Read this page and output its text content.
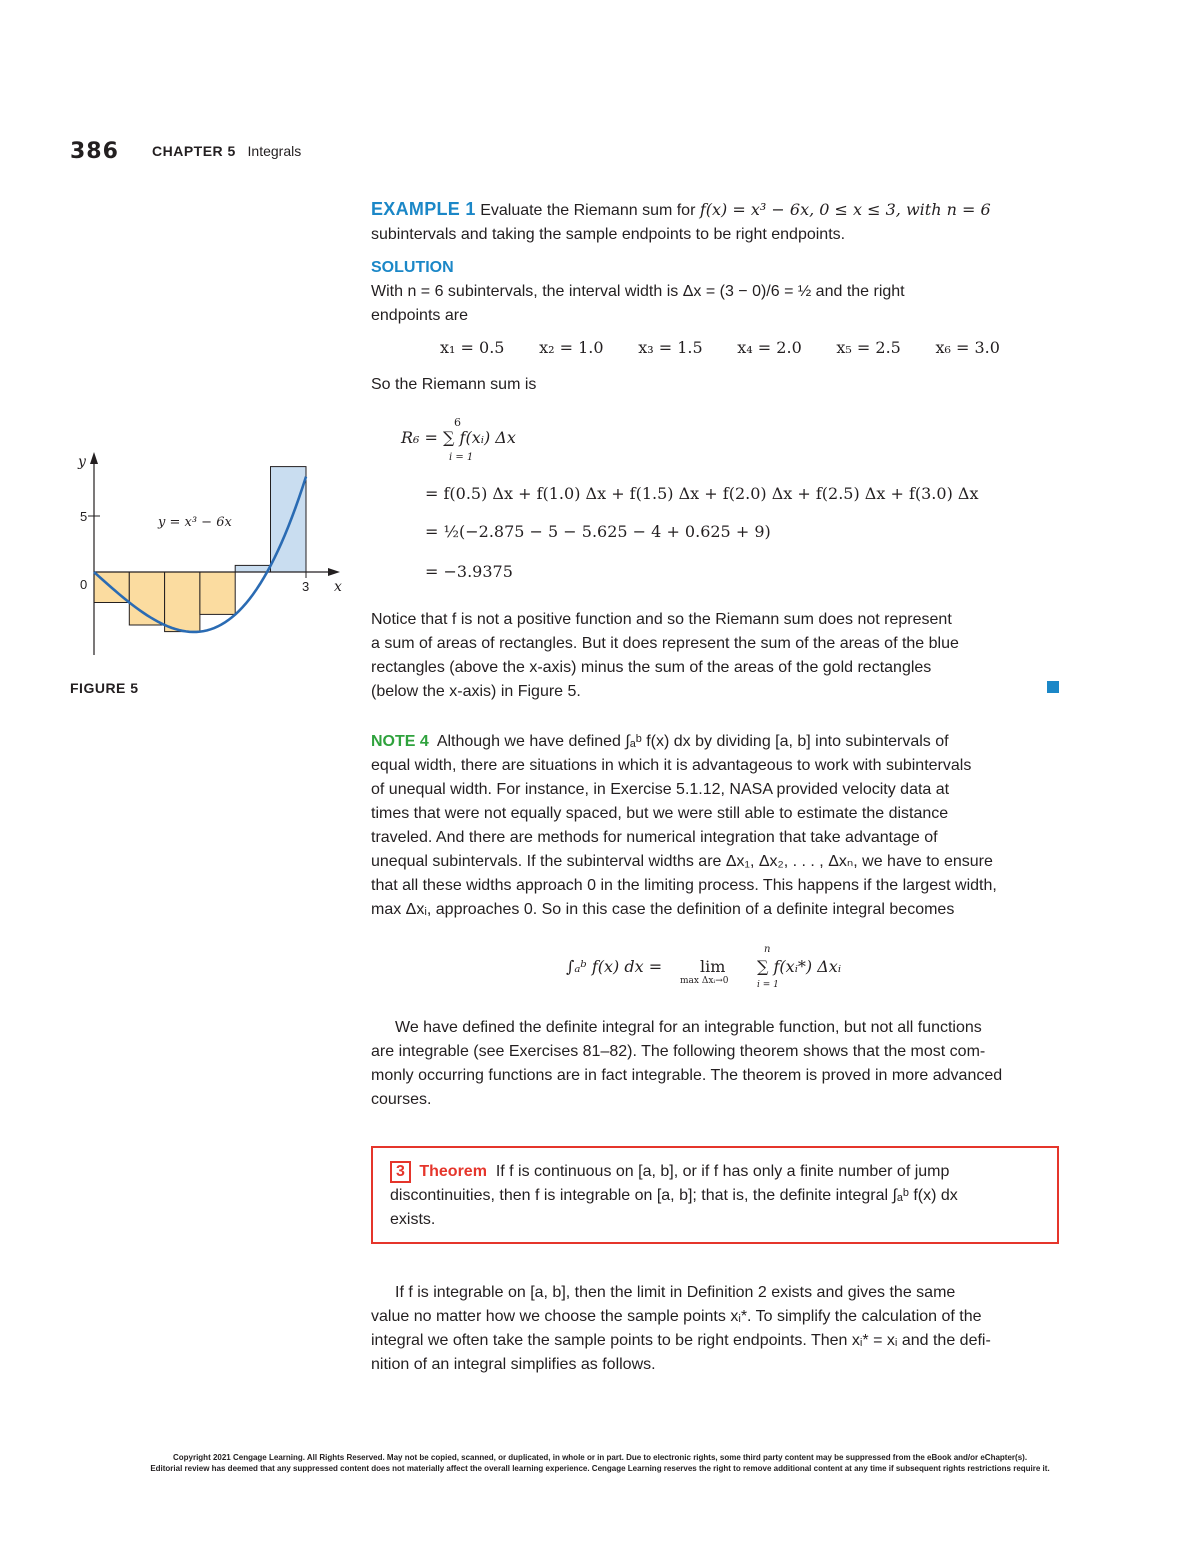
386 CHAPTER 5 Integrals
EXAMPLE 1 Evaluate the Riemann sum for f(x) = x³ − 6x, 0 ≤ x ≤ 3, with n = 6
subintervals and taking the sample endpoints to be right endpoints.
SOLUTION
With n = 6 subintervals, the interval width is Δx = (3 − 0)/6 = ½ and the right
endpoints are
x₁ = 0.5 x₂ = 1.0 x₃ = 1.5 x₄ = 2.0 x₅ = 2.5 x₆ = 3.0
So the Riemann sum is
6
R₆ = ∑ f(xᵢ) Δx
i = 1
= f(0.5) Δx + f(1.0) Δx + f(1.5) Δx + f(2.0) Δx + f(2.5) Δx + f(3.0) Δx
= ½(−2.875 − 5 − 5.625 − 4 + 0.625 + 9)
= −3.9375
Notice that f is not a positive function and so the Riemann sum does not represent
a sum of areas of rectangles. But it does represent the sum of the areas of the blue
rectangles (above the x-axis) minus the sum of the areas of the gold rectangles
(below the x-axis) in Figure 5.
y
5
0	3 x
y = x³ − 6x
FIGURE 5
NOTE 4 Although we have defined ∫ₐᵇ f(x) dx by dividing [a, b] into subintervals of
equal width, there are situations in which it is advantageous to work with subintervals
of unequal width. For instance, in Exercise 5.1.12, NASA provided velocity data at
times that were not equally spaced, but we were still able to estimate the distance
traveled. And there are methods for numerical integration that take advantage of
unequal subintervals. If the subinterval widths are Δx₁, Δx₂, . . . , Δxₙ, we have to ensure
that all these widths approach 0 in the limiting process. This happens if the largest width,
max Δxᵢ, approaches 0. So in this case the definition of a definite integral becomes
∫ₐᵇ f(x) dx = lim
max Δxᵢ→0
n
∑ f(xᵢ*) Δxᵢ
i = 1
We have defined the definite integral for an integrable function, but not all functions
are integrable (see Exercises 81–82). The following theorem shows that the most com-
monly occurring functions are in fact integrable. The theorem is proved in more advanced
courses.
3 Theorem If f is continuous on [a, b], or if f has only a finite number of jump
discontinuities, then f is integrable on [a, b]; that is, the definite integral ∫ₐᵇ f(x) dx
exists.
If f is integrable on [a, b], then the limit in Definition 2 exists and gives the same
value no matter how we choose the sample points xᵢ*. To simplify the calculation of the
integral we often take the sample points to be right endpoints. Then xᵢ* = xᵢ and the defi-
nition of an integral simplifies as follows.
Copyright 2021 Cengage Learning. All Rights Reserved. May not be copied, scanned, or duplicated, in whole or in part. Due to electronic rights, some third party content may be suppressed from the eBook and/or eChapter(s).
Editorial review has deemed that any suppressed content does not materially affect the overall learning experience. Cengage Learning reserves the right to remove additional content at any time if subsequent rights restrictions require it.
